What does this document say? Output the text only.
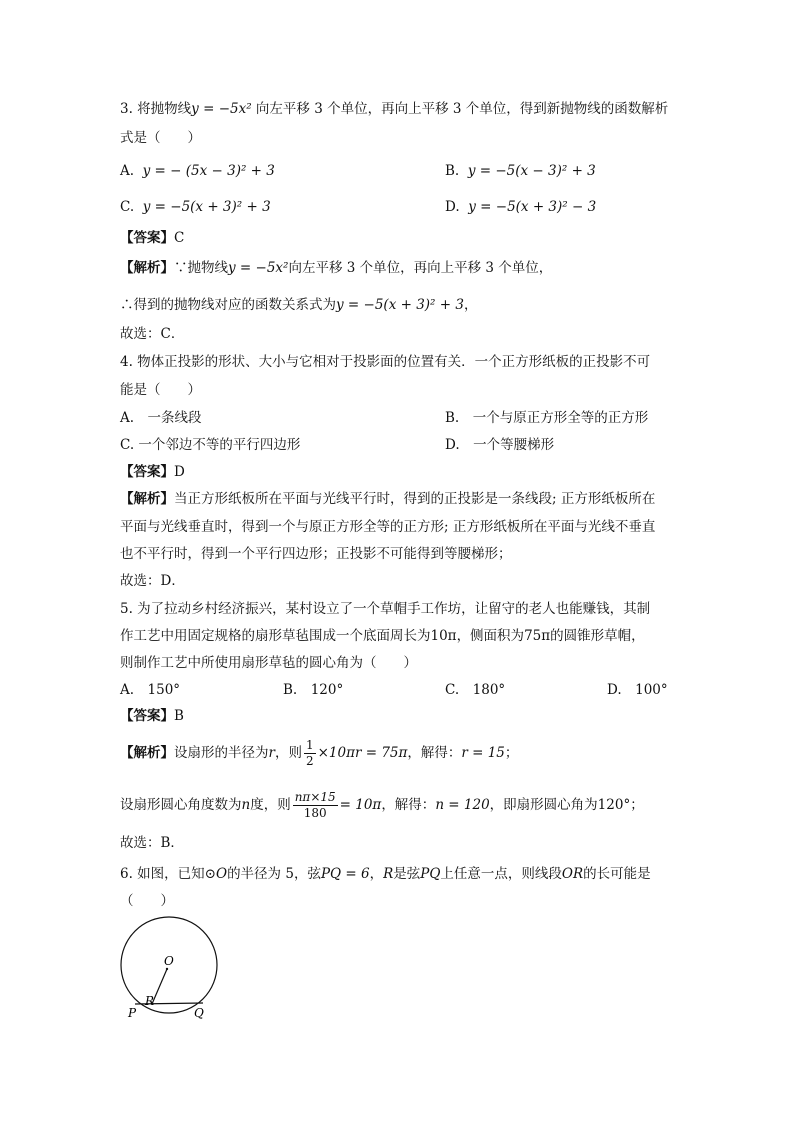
3. 将抛物线y = −5x² 向左平移 3 个单位，再向上平移 3 个单位，得到新抛物线的函数解析
式是（　　）
A. y = − (5x − 3)² + 3	B. y = −5(x − 3)² + 3
C. y = −5(x + 3)² + 3	D. y = −5(x + 3)² − 3
【答案】C
【解析】∵抛物线y = −5x²向左平移 3 个单位，再向上平移 3 个单位，
∴得到的抛物线对应的函数关系式为y = −5(x + 3)² + 3，
故选：C．
4. 物体正投影的形状、大小与它相对于投影面的位置有关．一个正方形纸板的正投影不可
能是（　　）
A.　一条线段	B.　一个与原正方形全等的正方形
C. 一个邻边不等的平行四边形	D.　一个等腰梯形
【答案】D
【解析】当正方形纸板所在平面与光线平行时，得到的正投影是一条线段; 正方形纸板所在
平面与光线垂直时，得到一个与原正方形全等的正方形; 正方形纸板所在平面与光线不垂直
也不平行时，得到一个平行四边形；正投影不可能得到等腰梯形；
故选：D．
5. 为了拉动乡村经济振兴，某村设立了一个草帽手工作坊，让留守的老人也能赚钱，其制
作工艺中用固定规格的扇形草毡围成一个底面周长为10π，侧面积为75π的圆锥形草帽，
则制作工艺中所使用扇形草毡的圆心角为（　　）
A.　150°	B.　120°	C.　180°	D.　100°
【答案】B
【解析】设扇形的半径为r，则 $\frac{1}{2} \times 10\pi r = 75\pi$，解得：r = 15；
设扇形圆心角度数为n度，则 $\frac{n\pi\times 15}{180} = 10\pi$，解得：n = 120，即扇形圆心角为120°；
故选：B．
6. 如图，已知⊙O的半径为 5，弦PQ = 6，R是弦PQ上任意一点，则线段OR的长可能是
（　　）
O
R
P	Q
